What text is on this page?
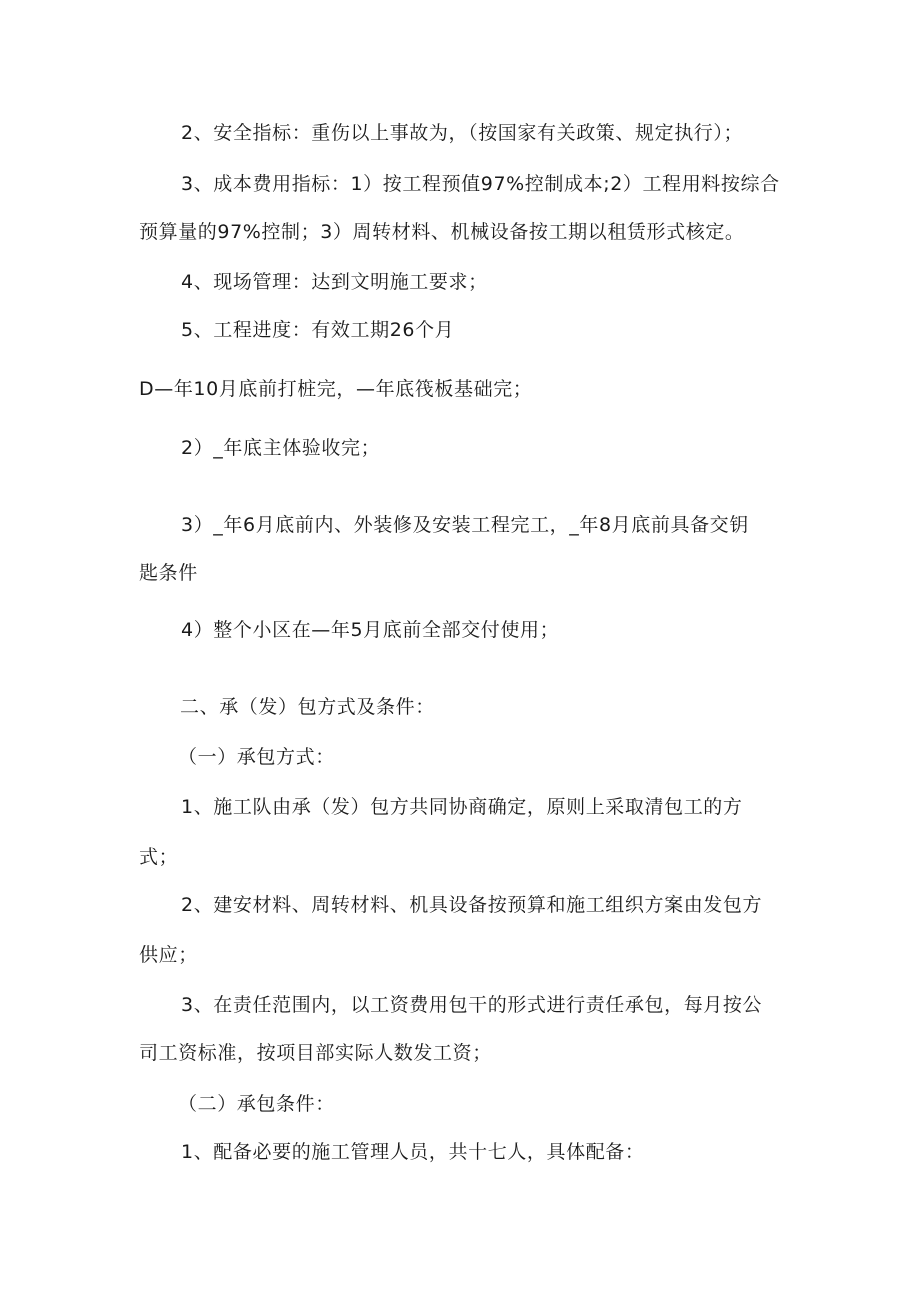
2、安全指标：重伤以上事故为，（按国家有关政策、规定执行）；
3、成本费用指标：1）按工程预值97%控制成本;2）工程用料按综合
预算量的97%控制；3）周转材料、机械设备按工期以租赁形式核定。
4、现场管理：达到文明施工要求；
5、工程进度：有效工期26个月
D—年10月底前打桩完，—年底筏板基础完；
2）_年底主体验收完；
3）_年6月底前内、外装修及安装工程完工，_年8月底前具备交钥
匙条件
4）整个小区在—年5月底前全部交付使用；
二、承（发）包方式及条件：
（一）承包方式：
1、施工队由承（发）包方共同协商确定，原则上采取清包工的方
式；
2、建安材料、周转材料、机具设备按预算和施工组织方案由发包方
供应；
3、在责任范围内，以工资费用包干的形式进行责任承包，每月按公
司工资标准，按项目部实际人数发工资；
（二）承包条件：
1、配备必要的施工管理人员，共十七人，具体配备：
